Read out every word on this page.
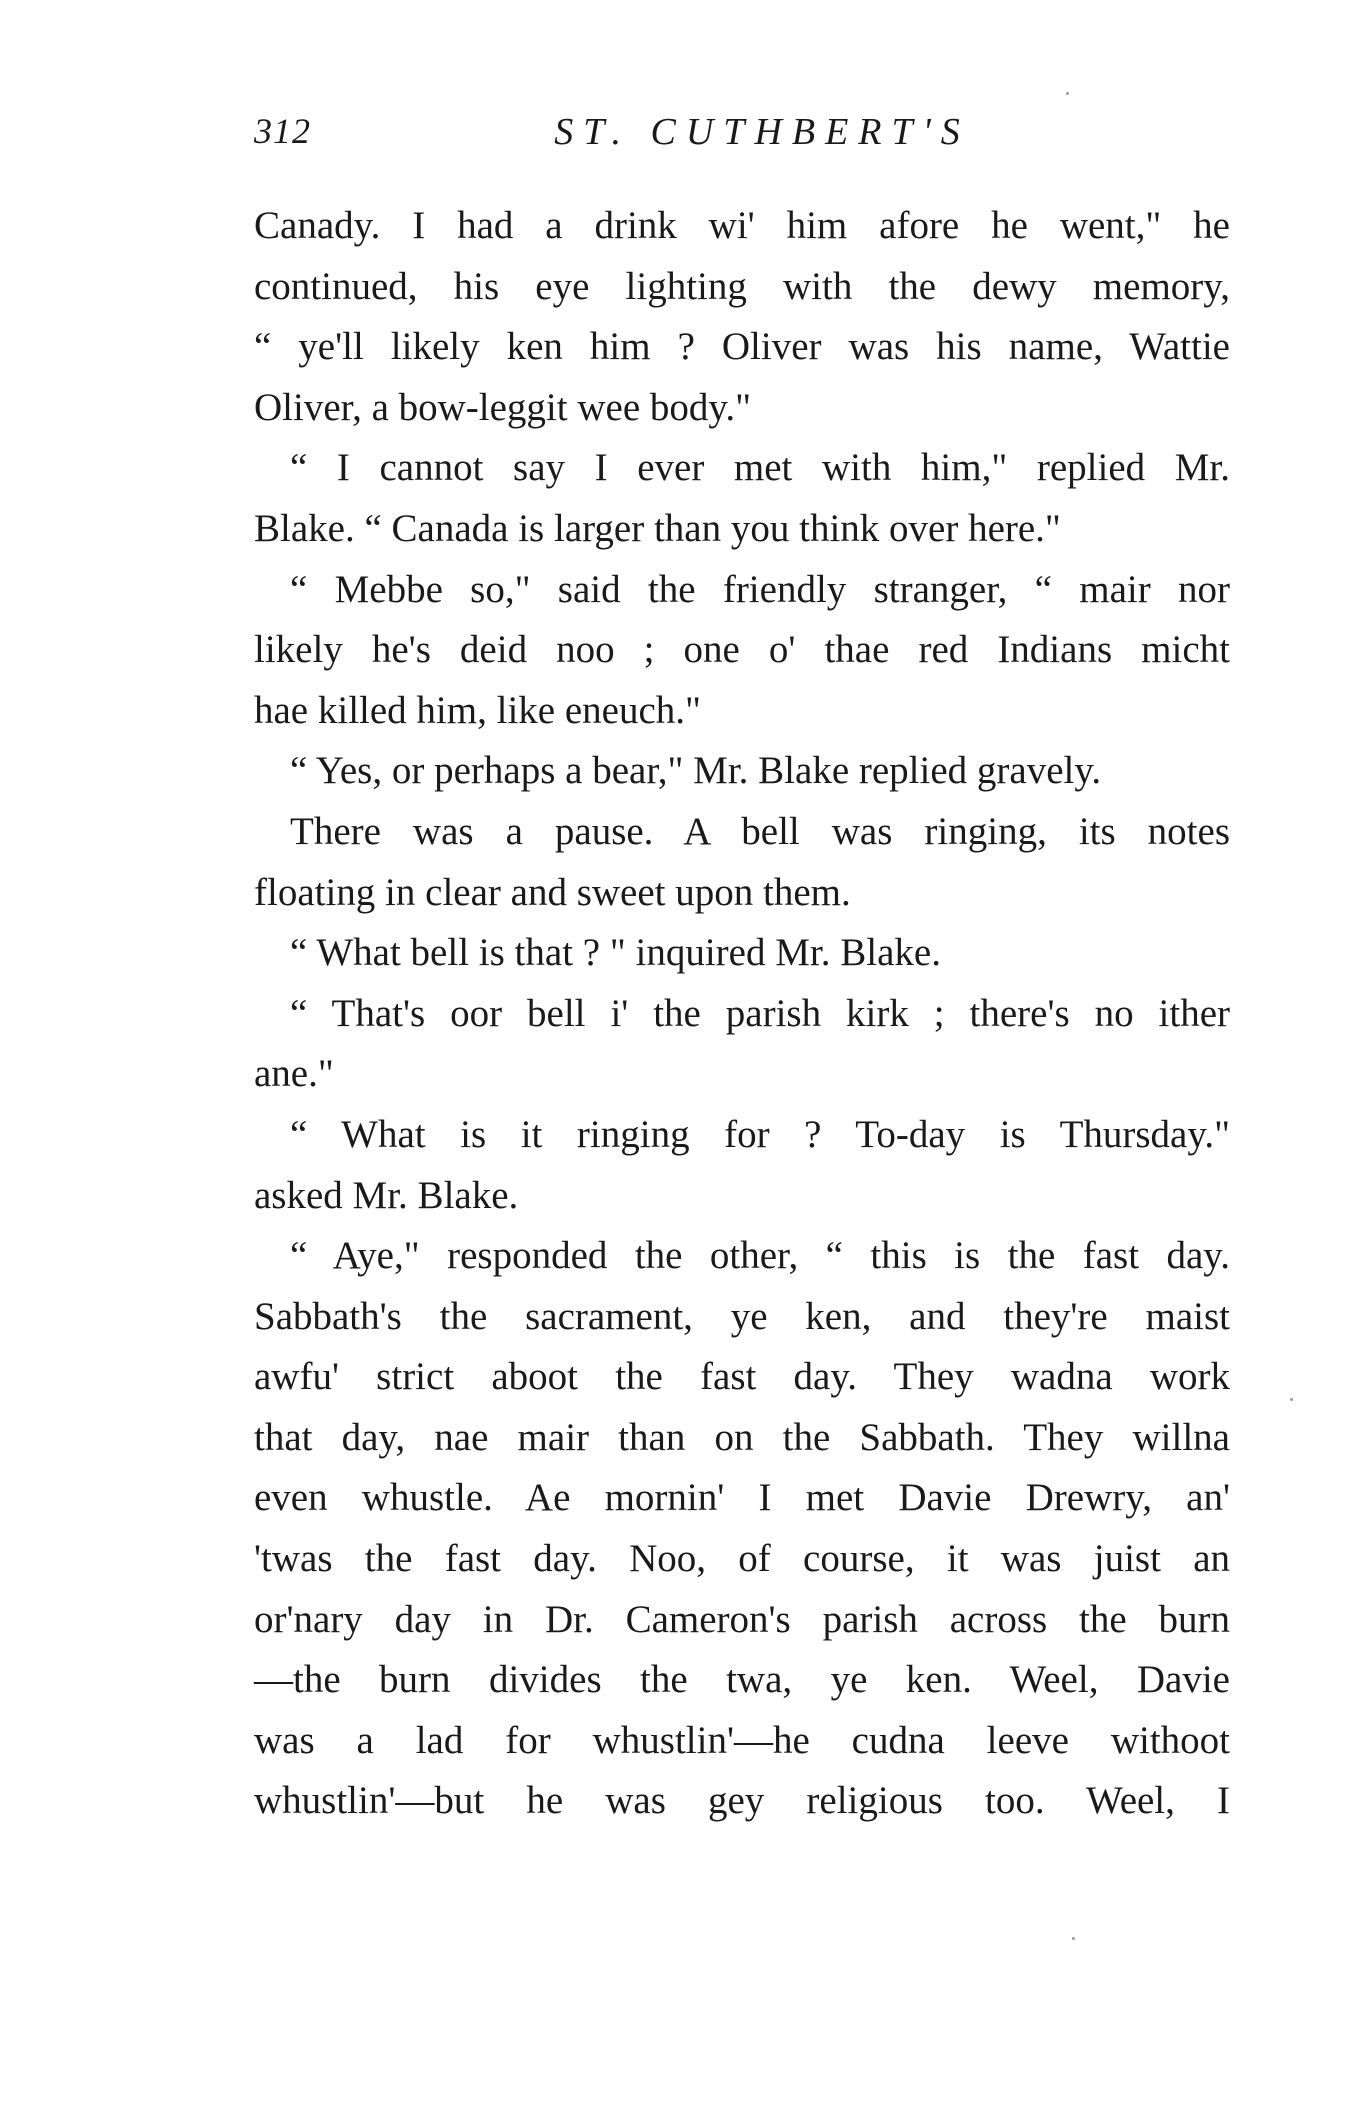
312	ST. CUTHBERT'S
Canady. I had a drink wi' him afore he went," he
continued, his eye lighting with the dewy memory,
“ ye'll likely ken him ? Oliver was his name, Wattie
Oliver, a bow-leggit wee body."
“ I cannot say I ever met with him," replied Mr.
Blake. “ Canada is larger than you think over here."
“ Mebbe so," said the friendly stranger, “ mair nor
likely he's deid noo ; one o' thae red Indians micht
hae killed him, like eneuch."
“ Yes, or perhaps a bear," Mr. Blake replied gravely.
There was a pause. A bell was ringing, its notes
floating in clear and sweet upon them.
“ What bell is that ? " inquired Mr. Blake.
“ That's oor bell i' the parish kirk ; there's no ither
ane."
“ What is it ringing for ? To-day is Thursday."
asked Mr. Blake.
“ Aye," responded the other, “ this is the fast day.
Sabbath's the sacrament, ye ken, and they're maist
awfu' strict aboot the fast day. They wadna work
that day, nae mair than on the Sabbath. They willna
even whustle. Ae mornin' I met Davie Drewry, an'
'twas the fast day. Noo, of course, it was juist an
or'nary day in Dr. Cameron's parish across the burn
—the burn divides the twa, ye ken. Weel, Davie
was a lad for whustlin'—he cudna leeve withoot
whustlin'—but he was gey religious too. Weel, I
